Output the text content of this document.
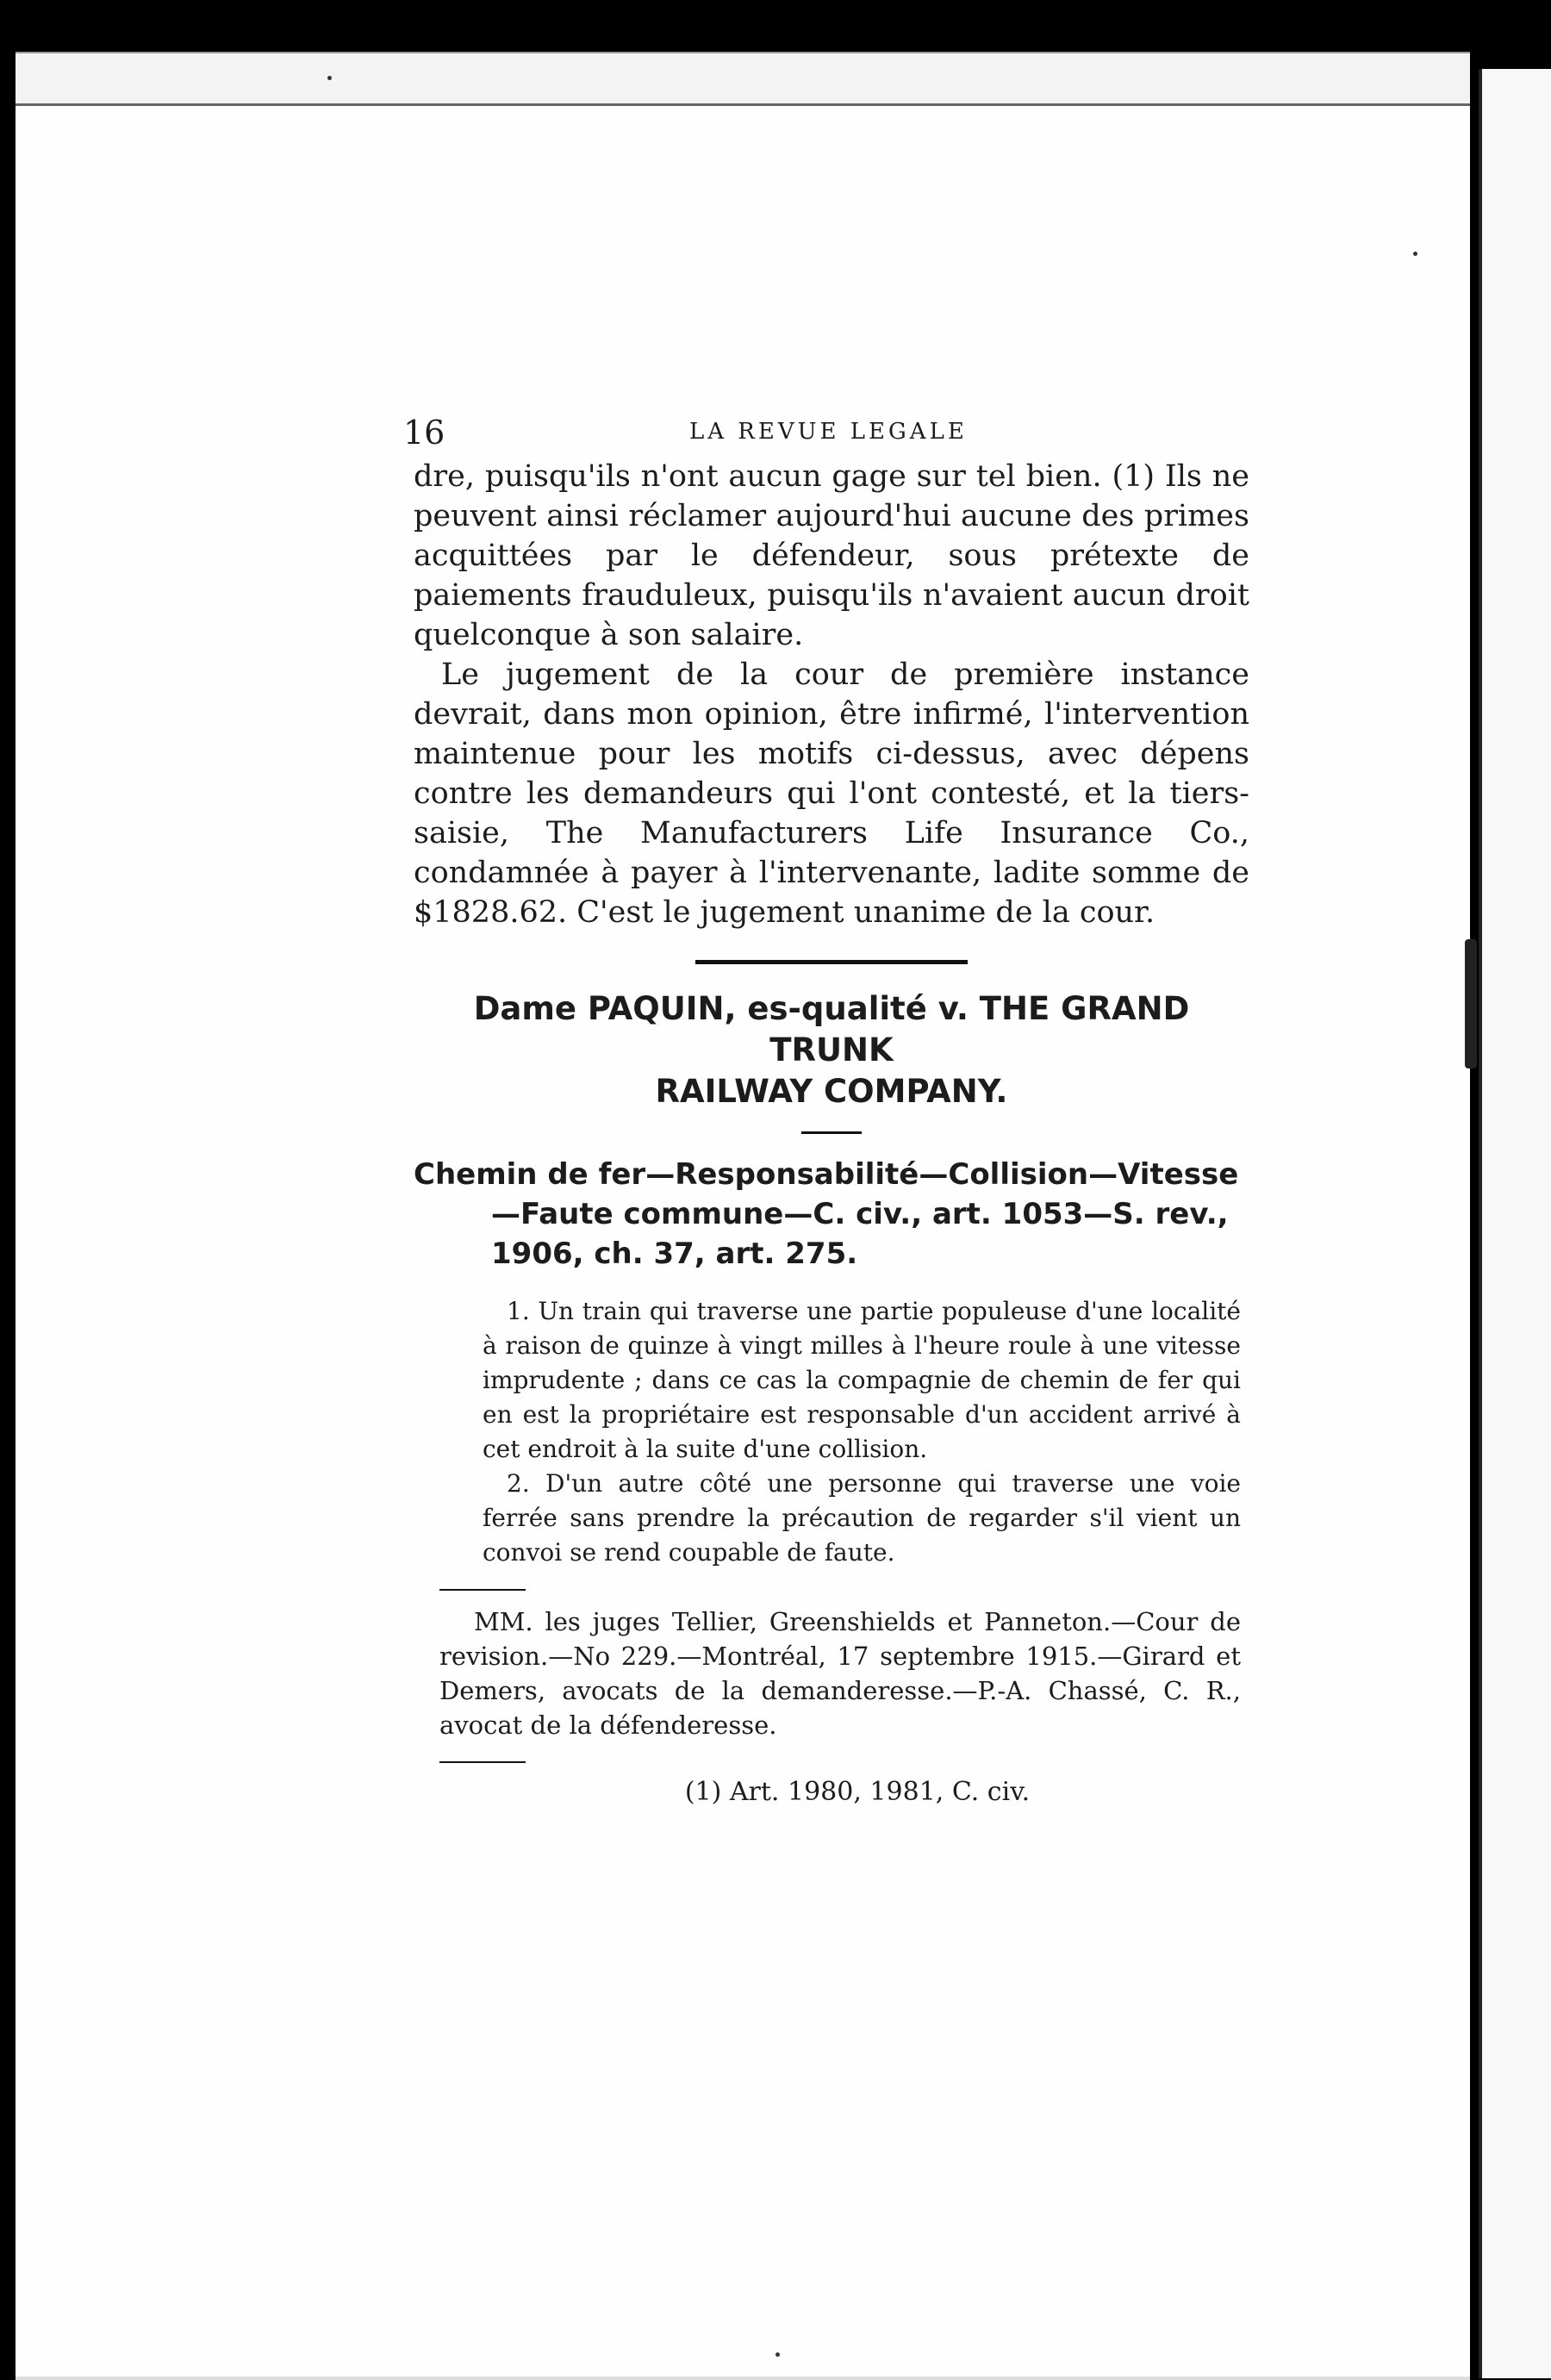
16	LA REVUE LEGALE

dre, puisqu'ils n'ont aucun gage sur tel bien. (1) Ils ne peuvent ainsi réclamer aujourd'hui aucune des primes acquittées par le défendeur, sous prétexte de paiements frauduleux, puisqu'ils n'avaient aucun droit quelconque à son salaire.

Le jugement de la cour de première instance devrait, dans mon opinion, être infirmé, l'intervention maintenue pour les motifs ci-dessus, avec dépens contre les demandeurs qui l'ont contesté, et la tiers-saisie, The Manufacturers Life Insurance Co., condamnée à payer à l'intervenante, ladite somme de $1828.62. C'est le jugement unanime de la cour.

Dame PAQUIN, es-qualité v. THE GRAND TRUNK

RAILWAY COMPANY.

Chemin de fer—Responsabilité—Collision—Vitesse—Faute commune—C. civ., art. 1053—S. rev., 1906, ch. 37, art. 275.

1. Un train qui traverse une partie populeuse d'une localité à raison de quinze à vingt milles à l'heure roule à une vitesse imprudente ; dans ce cas la compagnie de chemin de fer qui en est la propriétaire est responsable d'un accident arrivé à cet endroit à la suite d'une collision.

2. D'un autre côté une personne qui traverse une voie ferrée sans prendre la précaution de regarder s'il vient un convoi se rend coupable de faute.

MM. les juges Tellier, Greenshields et Panneton.—Cour de revision.—No 229.—Montréal, 17 septembre 1915.—Girard et Demers, avocats de la demanderesse.—P.-A. Chassé, C. R., avocat de la défenderesse.

(1) Art. 1980, 1981, C. civ.
